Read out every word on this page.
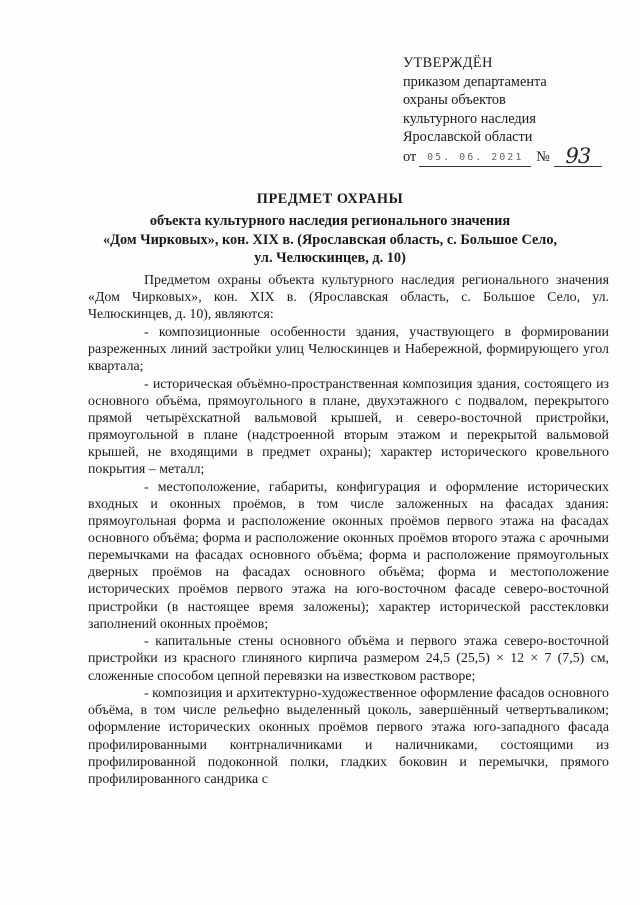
УТВЕРЖДЁН
приказом департамента
охраны объектов
культурного наследия
Ярославской области
от	05. 06. 2021 № 93
ПРЕДМЕТ ОХРАНЫ
объекта культурного наследия регионального значения
«Дом Чирковых», кон. XIX в. (Ярославская область, с. Большое Село,
ул. Челюскинцев, д. 10)

Предметом охраны объекта культурного наследия регионального значения «Дом Чирковых», кон. XIX в. (Ярославская область, с. Большое Село, ул. Челюскинцев, д. 10), являются:

- композиционные особенности здания, участвующего в формировании разреженных линий застройки улиц Челюскинцев и Набережной, формирующего угол квартала;

- историческая объёмно-пространственная композиция здания, состоящего из основного объёма, прямоугольного в плане, двухэтажного с подвалом, перекрытого прямой четырёхскатной вальмовой крышей, и северо-восточной пристройки, прямоугольной в плане (надстроенной вторым этажом и перекрытой вальмовой крышей, не входящими в предмет охраны); характер исторического кровельного покрытия – металл;

- местоположение, габариты, конфигурация и оформление исторических входных и оконных проёмов, в том числе заложенных на фасадах здания: прямоугольная форма и расположение оконных проёмов первого этажа на фасадах основного объёма; форма и расположение оконных проёмов второго этажа с арочными перемычками на фасадах основного объёма; форма и расположение прямоугольных дверных проёмов на фасадах основного объёма; форма и местоположение исторических проёмов первого этажа на юго-восточном фасаде северо-восточной пристройки (в настоящее время заложены); характер исторической расстекловки заполнений оконных проёмов;

- капитальные стены основного объёма и первого этажа северо-восточной пристройки из красного глиняного кирпича размером 24,5 (25,5) × 12 × 7 (7,5) см, сложенные способом цепной перевязки на известковом растворе;

- композиция и архитектурно-художественное оформление фасадов основного объёма, в том числе рельефно выделенный цоколь, завершённый четвертьваликом; оформление исторических оконных проёмов первого этажа юго-западного фасада профилированными контрналичниками и наличниками, состоящими из профилированной подоконной полки, гладких боковин и перемычки, прямого профилированного сандрика с
